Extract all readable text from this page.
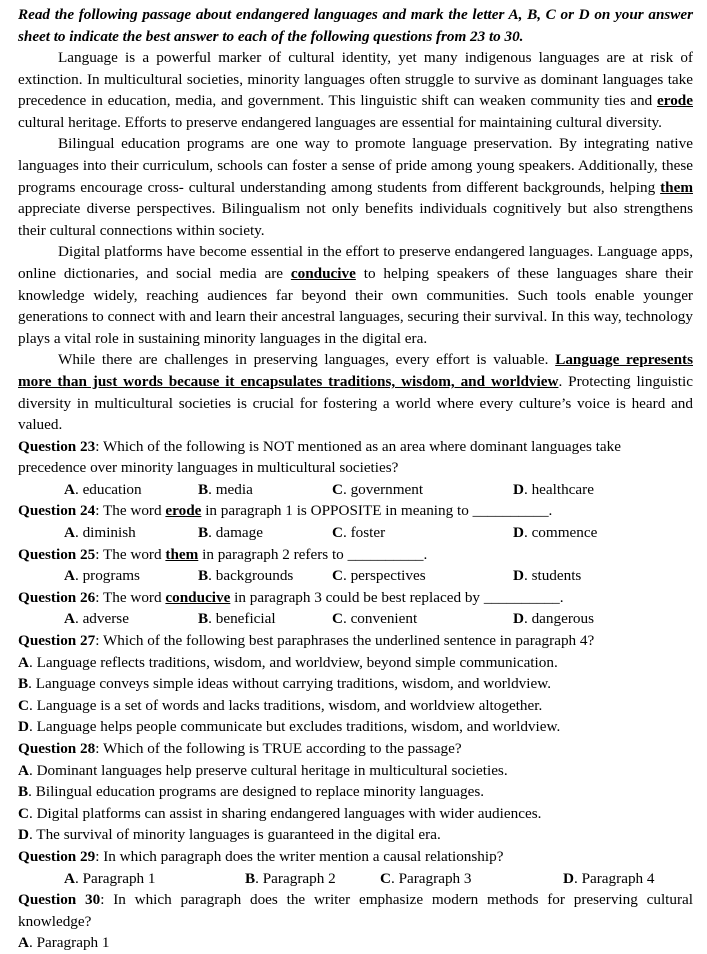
Read the following passage about endangered languages and mark the letter A, B, C or D on your answer sheet to indicate the best answer to each of the following questions from 23 to 30.

Language is a powerful marker of cultural identity, yet many indigenous languages are at risk of extinction. In multicultural societies, minority languages often struggle to survive as dominant languages take precedence in education, media, and government. This linguistic shift can weaken community ties and erode cultural heritage. Efforts to preserve endangered languages are essential for maintaining cultural diversity.

Bilingual education programs are one way to promote language preservation. By integrating native languages into their curriculum, schools can foster a sense of pride among young speakers. Additionally, these programs encourage cross- cultural understanding among students from different backgrounds, helping them appreciate diverse perspectives. Bilingualism not only benefits individuals cognitively but also strengthens their cultural connections within society.

Digital platforms have become essential in the effort to preserve endangered languages. Language apps, online dictionaries, and social media are conducive to helping speakers of these languages share their knowledge widely, reaching audiences far beyond their own communities. Such tools enable younger generations to connect with and learn their ancestral languages, securing their survival. In this way, technology plays a vital role in sustaining minority languages in the digital era.

While there are challenges in preserving languages, every effort is valuable. Language represents more than just words because it encapsulates traditions, wisdom, and worldview. Protecting linguistic diversity in multicultural societies is crucial for fostering a world where every culture’s voice is heard and valued.

Question 23: Which of the following is NOT mentioned as an area where dominant languages take precedence over minority languages in multicultural societies?

A. education	B. media	C. government	D. healthcare

Question 24: The word erode in paragraph 1 is OPPOSITE in meaning to __________.

A. diminish	B. damage	C. foster	D. commence

Question 25: The word them in paragraph 2 refers to __________.

A. programs	B. backgrounds	C. perspectives	D. students

Question 26: The word conducive in paragraph 3 could be best replaced by __________.

A. adverse	B. beneficial	C. convenient	D. dangerous

Question 27: Which of the following best paraphrases the underlined sentence in paragraph 4?

A. Language reflects traditions, wisdom, and worldview, beyond simple communication.

B. Language conveys simple ideas without carrying traditions, wisdom, and worldview.

C. Language is a set of words and lacks traditions, wisdom, and worldview altogether.

D. Language helps people communicate but excludes traditions, wisdom, and worldview.

Question 28: Which of the following is TRUE according to the passage?

A. Dominant languages help preserve cultural heritage in multicultural societies.

B. Bilingual education programs are designed to replace minority languages.

C. Digital platforms can assist in sharing endangered languages with wider audiences.

D. The survival of minority languages is guaranteed in the digital era.

Question 29: In which paragraph does the writer mention a causal relationship?

A. Paragraph 1	B. Paragraph 2	C. Paragraph 3	D. Paragraph 4

Question 30: In which paragraph does the writer emphasize modern methods for preserving cultural knowledge?

A. Paragraph 1
